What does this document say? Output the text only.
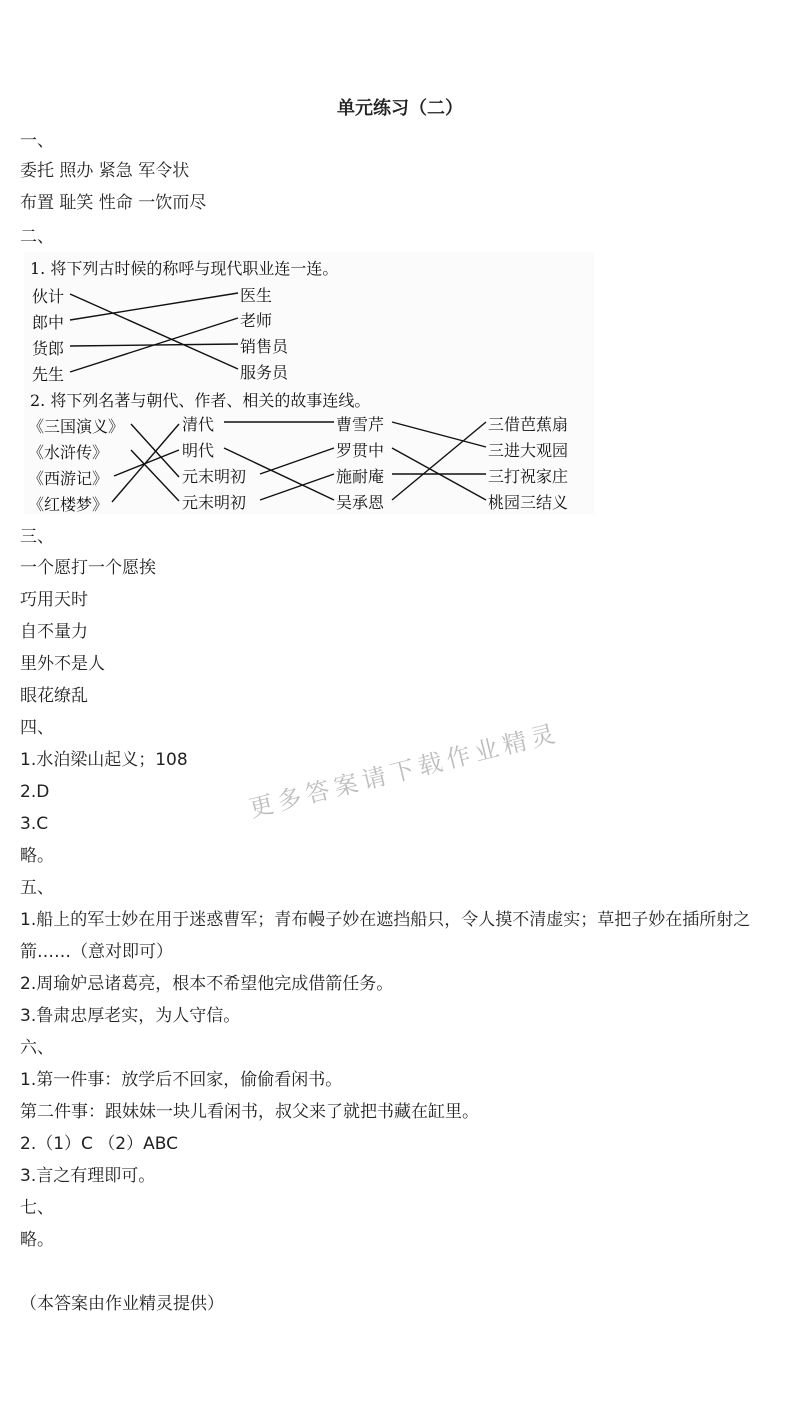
单元练习（二）
一、
委托 照办 紧急 军令状
布置 耻笑 性命 一饮而尽
二、
1. 将下列古时候的称呼与现代职业连一连。
伙计
郎中
货郎
先生
医生
老师
销售员
服务员
2. 将下列名著与朝代、作者、相关的故事连线。
《三国演义》
《水浒传》
《西游记》
《红楼梦》
清代
明代
元末明初
元末明初
曹雪芹
罗贯中
施耐庵
吴承恩
三借芭蕉扇
三进大观园
三打祝家庄
桃园三结义
三、
一个愿打一个愿挨
巧用天时
自不量力
里外不是人
眼花缭乱
四、
1.水泊梁山起义；108
2.D
3.C
略。
五、
1.船上的军士妙在用于迷惑曹军；青布幔子妙在遮挡船只，令人摸不清虚实；草把子妙在插所射之箭……（意对即可）
2.周瑜妒忌诸葛亮，根本不希望他完成借箭任务。
3.鲁肃忠厚老实，为人守信。
六、
1.第一件事：放学后不回家，偷偷看闲书。
第二件事：跟妹妹一块儿看闲书，叔父来了就把书藏在缸里。
2.（1）C （2）ABC
3.言之有理即可。
七、
略。
（本答案由作业精灵提供）
更多答案请下载作业精灵
